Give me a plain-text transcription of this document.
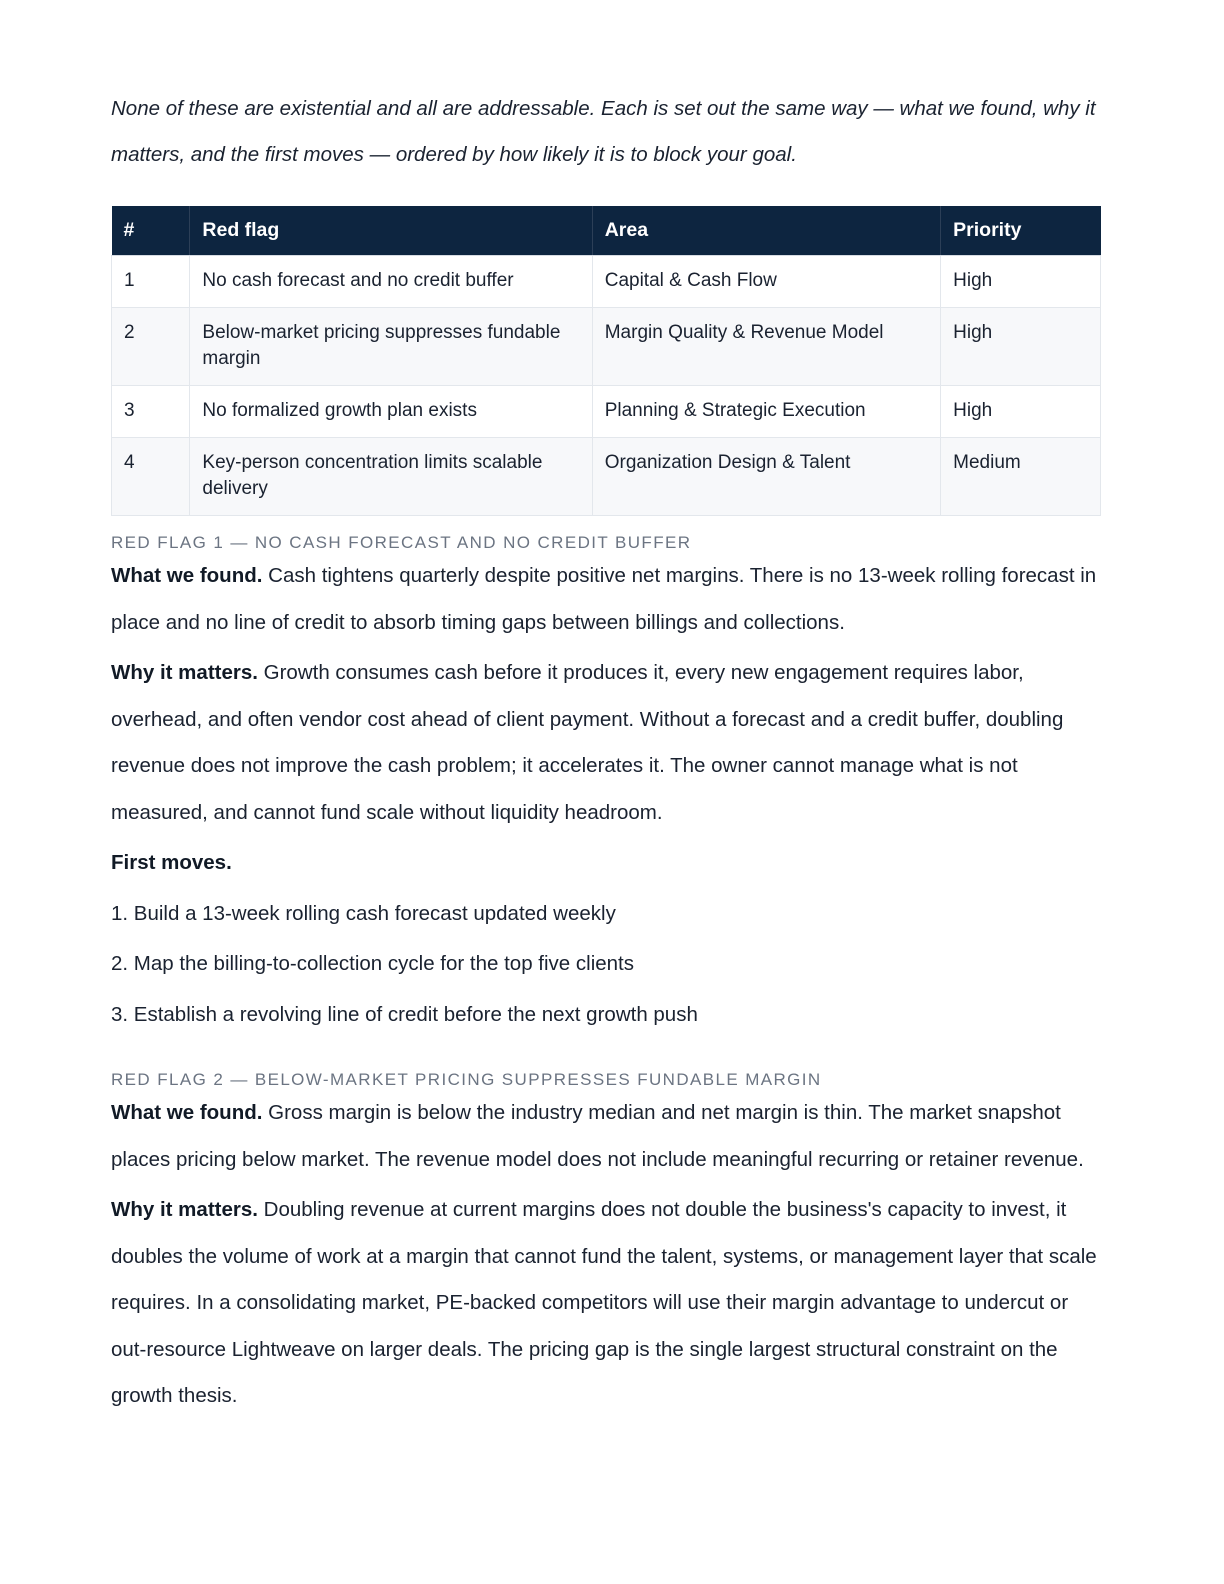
None of these are existential and all are addressable. Each is set out the same way — what we found, why it matters, and the first moves — ordered by how likely it is to block your goal.

#	Red flag	Area	Priority
1	No cash forecast and no credit buffer	Capital & Cash Flow	High
2	Below-market pricing suppresses fundable margin	Margin Quality & Revenue Model	High
3	No formalized growth plan exists	Planning & Strategic Execution	High
4	Key-person concentration limits scalable delivery	Organization Design & Talent	Medium
RED FLAG 1 — NO CASH FORECAST AND NO CREDIT BUFFER

What we found. Cash tightens quarterly despite positive net margins. There is no 13-week rolling forecast in place and no line of credit to absorb timing gaps between billings and collections.

Why it matters. Growth consumes cash before it produces it, every new engagement requires labor, overhead, and often vendor cost ahead of client payment. Without a forecast and a credit buffer, doubling revenue does not improve the cash problem; it accelerates it. The owner cannot manage what is not measured, and cannot fund scale without liquidity headroom.

First moves.

1. Build a 13-week rolling cash forecast updated weekly

2. Map the billing-to-collection cycle for the top five clients

3. Establish a revolving line of credit before the next growth push

RED FLAG 2 — BELOW-MARKET PRICING SUPPRESSES FUNDABLE MARGIN

What we found. Gross margin is below the industry median and net margin is thin. The market snapshot places pricing below market. The revenue model does not include meaningful recurring or retainer revenue.

Why it matters. Doubling revenue at current margins does not double the business's capacity to invest, it doubles the volume of work at a margin that cannot fund the talent, systems, or management layer that scale requires. In a consolidating market, PE-backed competitors will use their margin advantage to undercut or out-resource Lightweave on larger deals. The pricing gap is the single largest structural constraint on the growth thesis.
